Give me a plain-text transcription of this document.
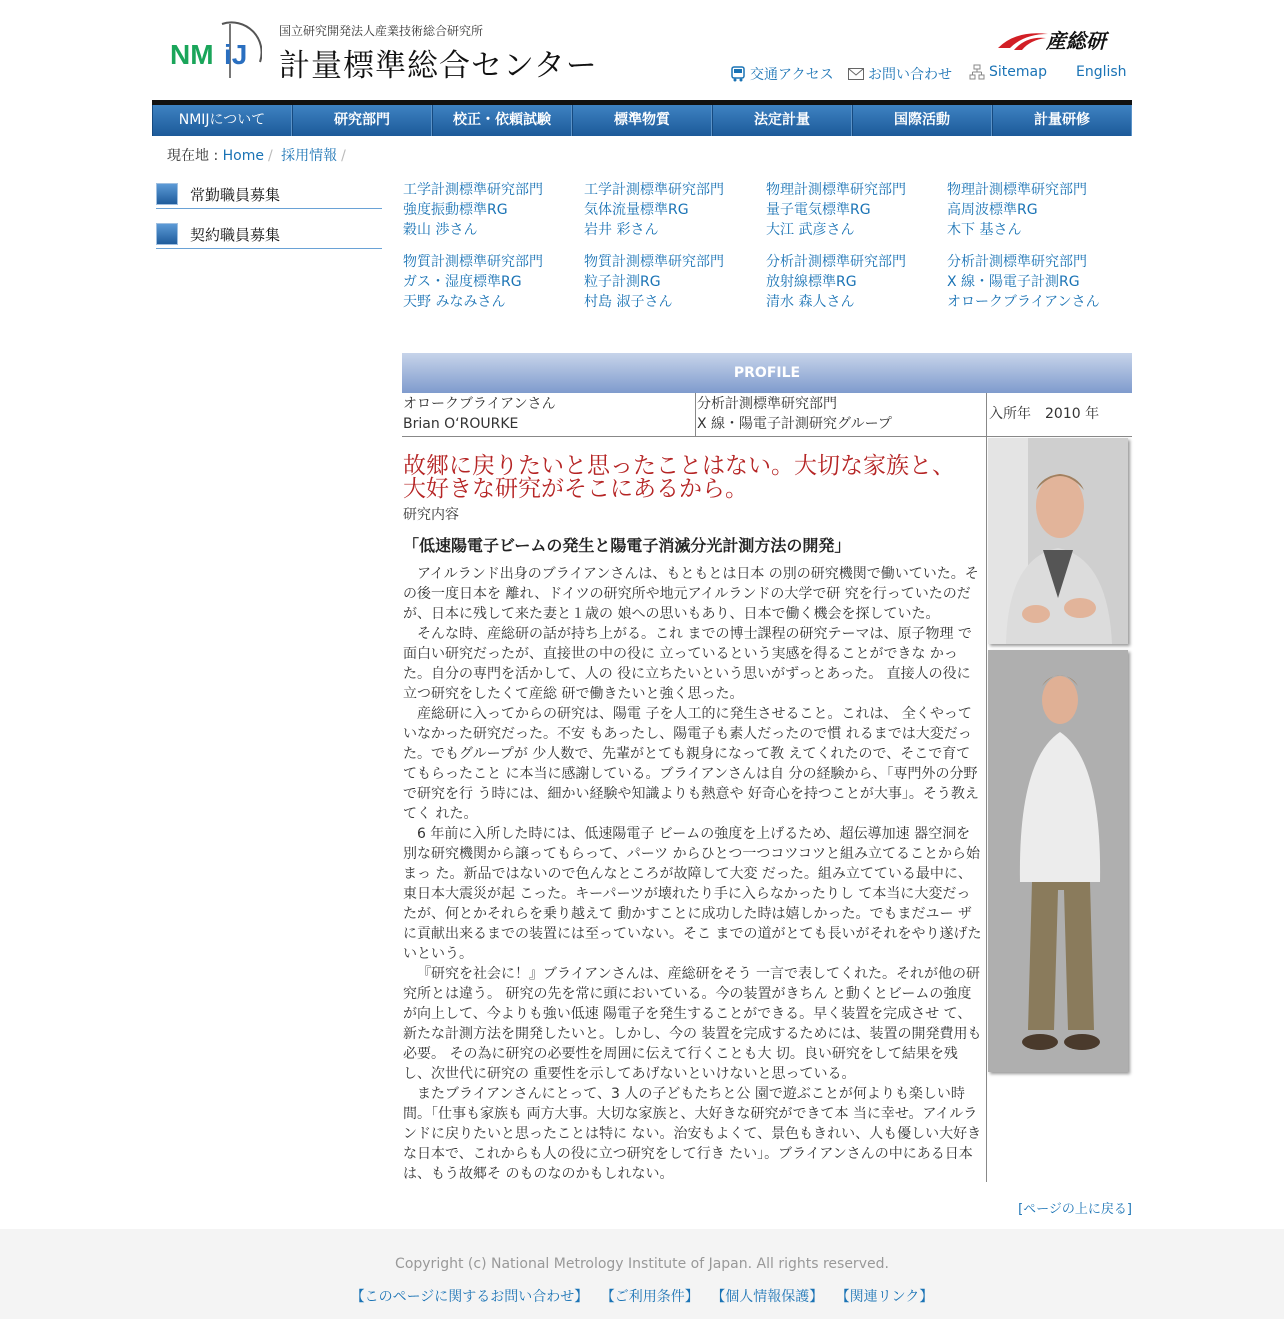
NM iJ
国立研究開発法人産業技術総合研究所
計量標準総合センター
産総研
交通アクセス お問い合わせ	Sitemap English
NMIJについて	研究部門	校正・依頼試験	標準物質	法定計量	国際活動	計量研修
現在地 : Home / 採用情報 /
常勤職員募集
契約職員募集
工学計測標準研究部門
強度振動標準RG
穀山 渉さん
工学計測標準研究部門
気体流量標準RG
岩井 彩さん
物理計測標準研究部門
量子電気標準RG
大江 武彦さん
物理計測標準研究部門
高周波標準RG
木下 基さん
物質計測標準研究部門
ガス・湿度標準RG
天野 みなみさん
物質計測標準研究部門
粒子計測RG
村島 淑子さん
分析計測標準研究部門
放射線標準RG
清水 森人さん
分析計測標準研究部門
X 線・陽電子計測RG
オロークブライアンさん
PROFILE
オロークブライアンさん
Brian O‘ROURKE
分析計測標準研究部門
X 線・陽電子計測研究グループ
入所年　2010 年
故郷に戻りたいと思ったことはない。大切な家族と、大好きな研究がそこにあるから。
研究内容
「低速陽電子ビームの発生と陽電子消滅分光計測方法の開発」

アイルランド出身のブライアンさんは、もともとは日本 の別の研究機関で働いていた。その後一度日本を 離れ、ドイツの研究所や地元アイルランドの大学で研 究を行っていたのだが、日本に残して来た妻と１歳の 娘への思いもあり、日本で働く機会を探していた。

そんな時、産総研の話が持ち上がる。これ までの博士課程の研究テーマは、原子物理 で面白い研究だったが、直接世の中の役に 立っているという実感を得ることができな かった。自分の専門を活かして、人の 役に立ちたいという思いがずっとあった。 直接人の役に立つ研究をしたくて産総 研で働きたいと強く思った。

産総研に入ってからの研究は、陽電 子を人工的に発生させること。これは、 全くやっていなかった研究だった。不安 もあったし、陽電子も素人だったので慣 れるまでは大変だった。でもグループが 少人数で、先輩がとても親身になって教 えてくれたので、そこで育ててもらったこと に本当に感謝している。ブライアンさんは自 分の経験から、「専門外の分野で研究を行 う時には、細かい経験や知識よりも熱意や 好奇心を持つことが大事」。そう教えてく れた。

6 年前に入所した時には、低速陽電子 ビームの強度を上げるため、超伝導加速 器空洞を別な研究機関から譲ってもらって、パーツ からひとつ一つコツコツと組み立てることから始まっ た。新品ではないので色んなところが故障して大変 だった。組み立てている最中に、東日本大震災が起 こった。キーパーツが壊れたり手に入らなかったりし て本当に大変だったが、何とかそれらを乗り越えて 動かすことに成功した時は嬉しかった。でもまだユー ザに貢献出来るまでの装置には至っていない。そこ までの道がとても長いがそれをやり遂げたいという。

『研究を社会に！』ブライアンさんは、産総研をそう 一言で表してくれた。それが他の研究所とは違う。 研究の先を常に頭においている。今の装置がきちん と動くとビームの強度が向上して、今よりも強い低速 陽電子を発生することができる。早く装置を完成させ て、新たな計測方法を開発したいと。しかし、今の 装置を完成するためには、装置の開発費用も必要。 その為に研究の必要性を周囲に伝えて行くことも大 切。良い研究をして結果を残し、次世代に研究の 重要性を示してあげないといけないと思っている。

またブライアンさんにとって、3 人の子どもたちと公 園で遊ぶことが何よりも楽しい時間。「仕事も家族も 両方大事。大切な家族と、大好きな研究ができて本 当に幸せ。アイルランドに戻りたいと思ったことは特に ない。治安もよくて、景色もきれい、人も優しい大好きな日本で、これからも人の役に立つ研究をして行き たい」。ブライアンさんの中にある日本は、もう故郷そ のものなのかもしれない。

[ページの上に戻る]
Copyright (c) National Metrology Institute of Japan. All rights reserved.
【このページに関するお問い合わせ】 【ご利用条件】 【個人情報保護】 【関連リンク】
